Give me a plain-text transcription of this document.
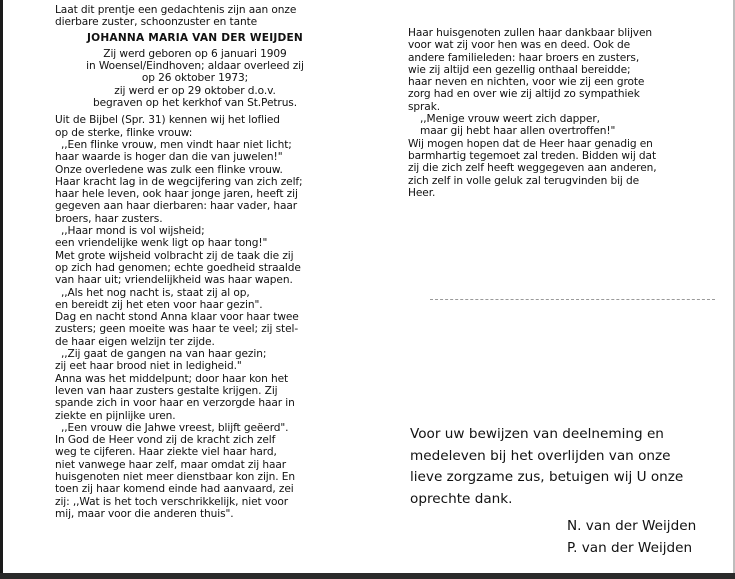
Laat dit prentje een gedachtenis zijn aan onze
dierbare zuster, schoonzuster en tante
JOHANNA MARIA VAN DER WEIJDEN
Zij werd geboren op 6 januari 1909
in Woensel/Eindhoven; aldaar overleed zij
op 26 oktober 1973;
zij werd er op 29 oktober d.o.v.
begraven op het kerkhof van St.Petrus.
Uit de Bijbel (Spr. 31) kennen wij het loflied
op de sterke, flinke vrouw:
,,Een flinke vrouw, men vindt haar niet licht;
haar waarde is hoger dan die van juwelen!"
Onze overledene was zulk een flinke vrouw.
Haar kracht lag in de wegcijfering van zich zelf;
haar hele leven, ook haar jonge jaren, heeft zij
gegeven aan haar dierbaren: haar vader, haar
broers, haar zusters.
,,Haar mond is vol wijsheid;
een vriendelijke wenk ligt op haar tong!"
Met grote wijsheid volbracht zij de taak die zij
op zich had genomen; echte goedheid straalde
van haar uit; vriendelijkheid was haar wapen.
,,Als het nog nacht is, staat zij al op,
en bereidt zij het eten voor haar gezin".
Dag en nacht stond Anna klaar voor haar twee
zusters; geen moeite was haar te veel; zij stel-
de haar eigen welzijn ter zijde.
,,Zij gaat de gangen na van haar gezin;
zij eet haar brood niet in ledigheid."
Anna was het middelpunt; door haar kon het
leven van haar zusters gestalte krijgen. Zij
spande zich in voor haar en verzorgde haar in
ziekte en pijnlijke uren.
,,Een vrouw die Jahwe vreest, blijft geëerd".
In God de Heer vond zij de kracht zich zelf
weg te cijferen. Haar ziekte viel haar hard,
niet vanwege haar zelf, maar omdat zij haar
huisgenoten niet meer dienstbaar kon zijn. En
toen zij haar komend einde had aanvaard, zei
zij: ,,Wat is het toch verschrikkelijk, niet voor
mij, maar voor die anderen thuis".
Haar huisgenoten zullen haar dankbaar blijven
voor wat zij voor hen was en deed. Ook de
andere familieleden: haar broers en zusters,
wie zij altijd een gezellig onthaal bereidde;
haar neven en nichten, voor wie zij een grote
zorg had en over wie zij altijd zo sympathiek
sprak.
,,Menige vrouw weert zich dapper,
maar gij hebt haar allen overtroffen!"
Wij mogen hopen dat de Heer haar genadig en
barmhartig tegemoet zal treden. Bidden wij dat
zij die zich zelf heeft weggegeven aan anderen,
zich zelf in volle geluk zal terugvinden bij de
Heer.
Voor uw bewijzen van deelneming en
medeleven bij het overlijden van onze
lieve zorgzame zus, betuigen wij U onze
oprechte dank.
N. van der Weijden
P. van der Weijden
